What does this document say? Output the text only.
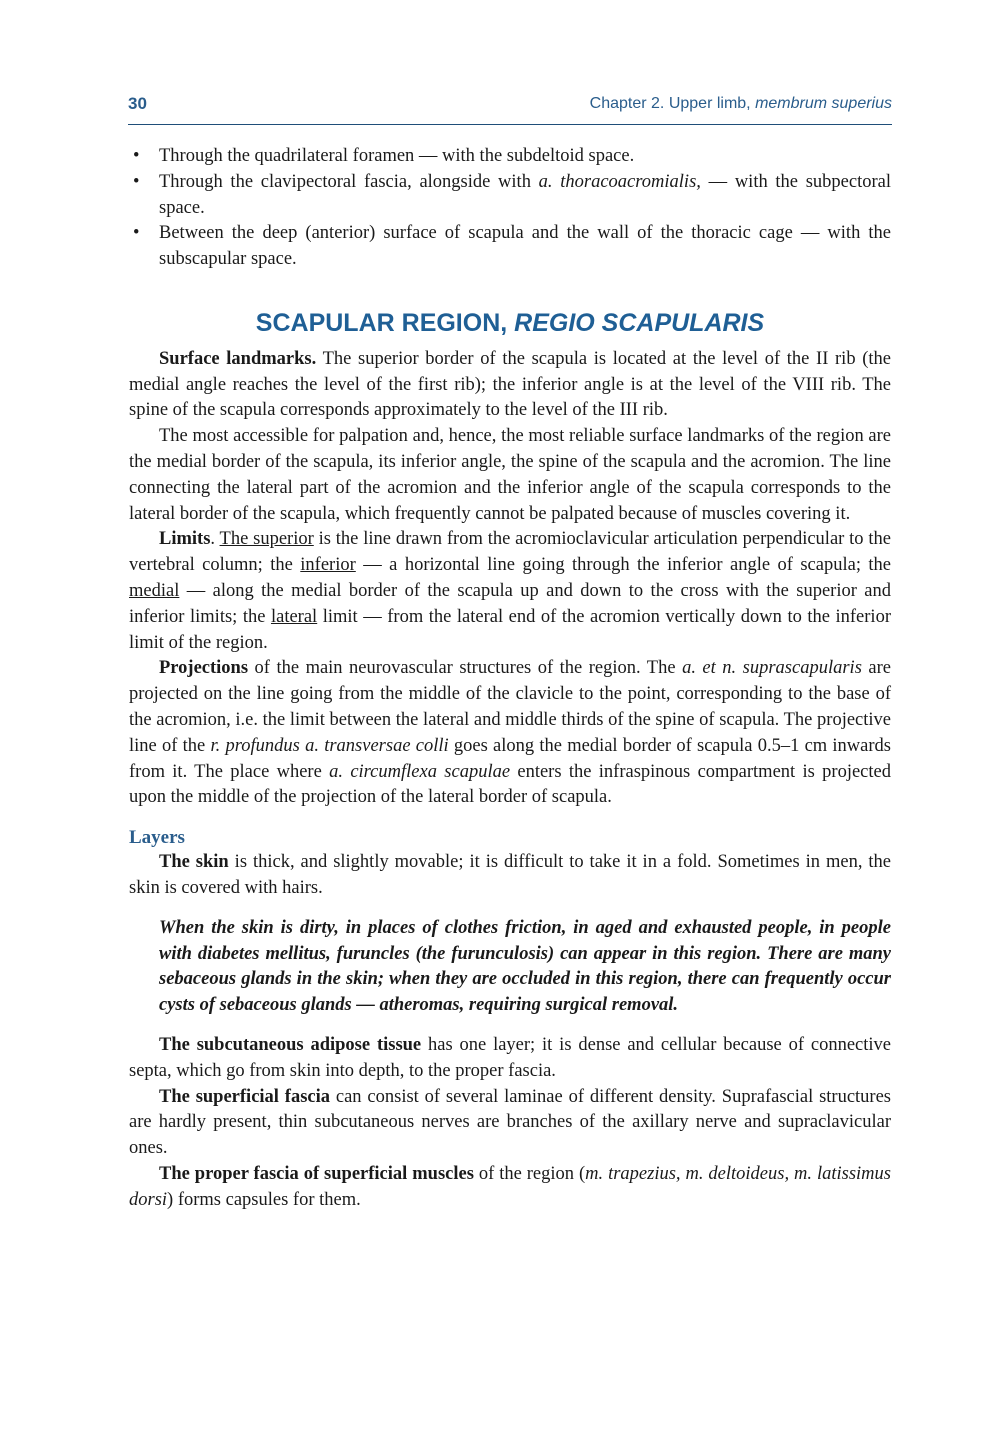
30	Chapter 2. Upper limb, membrum superius
• Through the quadrilateral foramen — with the subdeltoid space.
• Through the clavipectoral fascia, alongside with a. thoracoacromialis, — with the subpectoral space.
• Between the deep (anterior) surface of scapula and the wall of the thoracic cage — with the subscapular space.
SCAPULAR REGION, REGIO SCAPULARIS

Surface landmarks. The superior border of the scapula is located at the level of the II rib (the medial angle reaches the level of the first rib); the inferior angle is at the level of the VIII rib. The spine of the scapula corresponds approximately to the level of the III rib.

The most accessible for palpation and, hence, the most reliable surface landmarks of the region are the medial border of the scapula, its inferior angle, the spine of the scapula and the acromion. The line connecting the lateral part of the acromion and the inferior angle of the scapula corresponds to the lateral border of the scapula, which frequently cannot be palpated because of muscles covering it.

Limits. The superior is the line drawn from the acromioclavicular articulation perpendicular to the vertebral column; the inferior — a horizontal line going through the inferior angle of scapula; the medial — along the medial border of the scapula up and down to the cross with the superior and inferior limits; the lateral limit — from the lateral end of the acromion vertically down to the inferior limit of the region.

Projections of the main neurovascular structures of the region. The a. et n. suprascapularis are projected on the line going from the middle of the clavicle to the point, corresponding to the base of the acromion, i.e. the limit between the lateral and middle thirds of the spine of scapula. The projective line of the r. profundus a. transversae colli goes along the medial border of scapula 0.5–1 cm inwards from it. The place where a. circumflexa scapulae enters the infraspinous compartment is projected upon the middle of the projection of the lateral border of scapula.

Layers

The skin is thick, and slightly movable; it is difficult to take it in a fold. Sometimes in men, the skin is covered with hairs.

When the skin is dirty, in places of clothes friction, in aged and exhausted people, in people with diabetes mellitus, furuncles (the furunculosis) can appear in this region. There are many sebaceous glands in the skin; when they are occluded in this region, there can frequently occur cysts of sebaceous glands — atheromas, requiring surgical removal.

The subcutaneous adipose tissue has one layer; it is dense and cellular because of connective septa, which go from skin into depth, to the proper fascia.

The superficial fascia can consist of several laminae of different density. Suprafascial structures are hardly present, thin subcutaneous nerves are branches of the axillary nerve and supraclavicular ones.

The proper fascia of superficial muscles of the region (m. trapezius, m. deltoideus, m. latissimus dorsi) forms capsules for them.
